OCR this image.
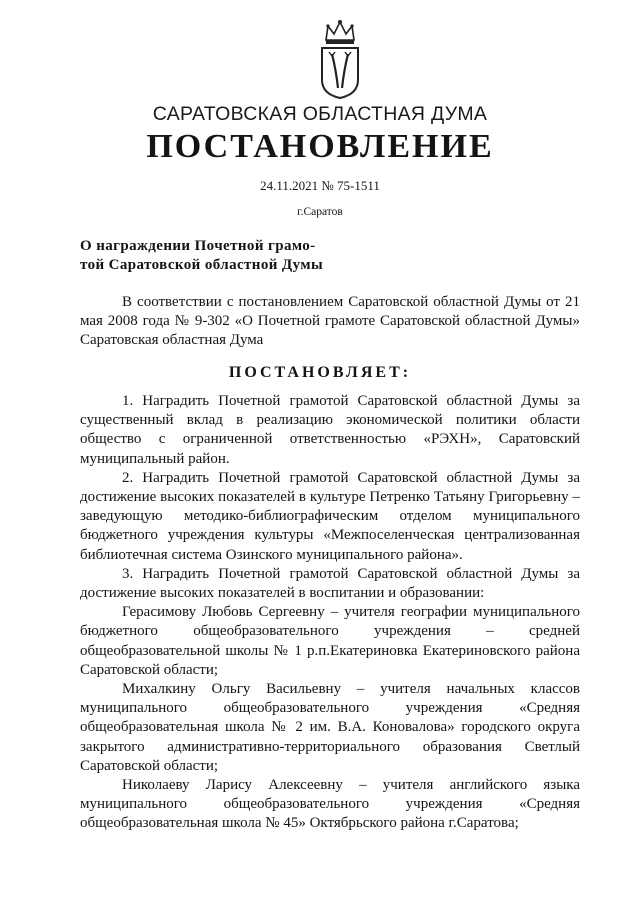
САРАТОВСКАЯ ОБЛАСТНАЯ ДУМА
ПОСТАНОВЛЕНИЕ
24.11.2021 № 75-1511
г.Саратов
О награждении Почетной грамо-
той Саратовской областной Думы

В соответствии с постановлением Саратовской областной Думы от 21 мая 2008 года № 9-302 «О Почетной грамоте Саратовской областной Думы» Саратовская областная Дума

ПОСТАНОВЛЯЕТ:

1. Наградить Почетной грамотой Саратовской областной Думы за существенный вклад в реализацию экономической политики области общество с ограниченной ответственностью «РЭХН», Саратовский муниципальный район.

2. Наградить Почетной грамотой Саратовской областной Думы за достижение высоких показателей в культуре Петренко Татьяну Григорьевну – заведующую методико-библиографическим отделом муниципального бюджетного учреждения культуры «Межпоселенческая централизованная библиотечная система Озинского муниципального района».

3. Наградить Почетной грамотой Саратовской областной Думы за достижение высоких показателей в воспитании и образовании:

Герасимову Любовь Сергеевну – учителя географии муниципального бюджетного общеобразовательного учреждения – средней общеобразовательной школы № 1 р.п.Екатериновка Екатериновского района Саратовской области;

Михалкину Ольгу Васильевну – учителя начальных классов муниципального общеобразовательного учреждения «Средняя общеобразовательная школа № 2 им. В.А. Коновалова» городского округа закрытого административно-территориального образования Светлый Саратовской области;

Николаеву Ларису Алексеевну – учителя английского языка муниципального общеобразовательного учреждения «Средняя общеобразовательная школа № 45» Октябрьского района г.Саратова;
